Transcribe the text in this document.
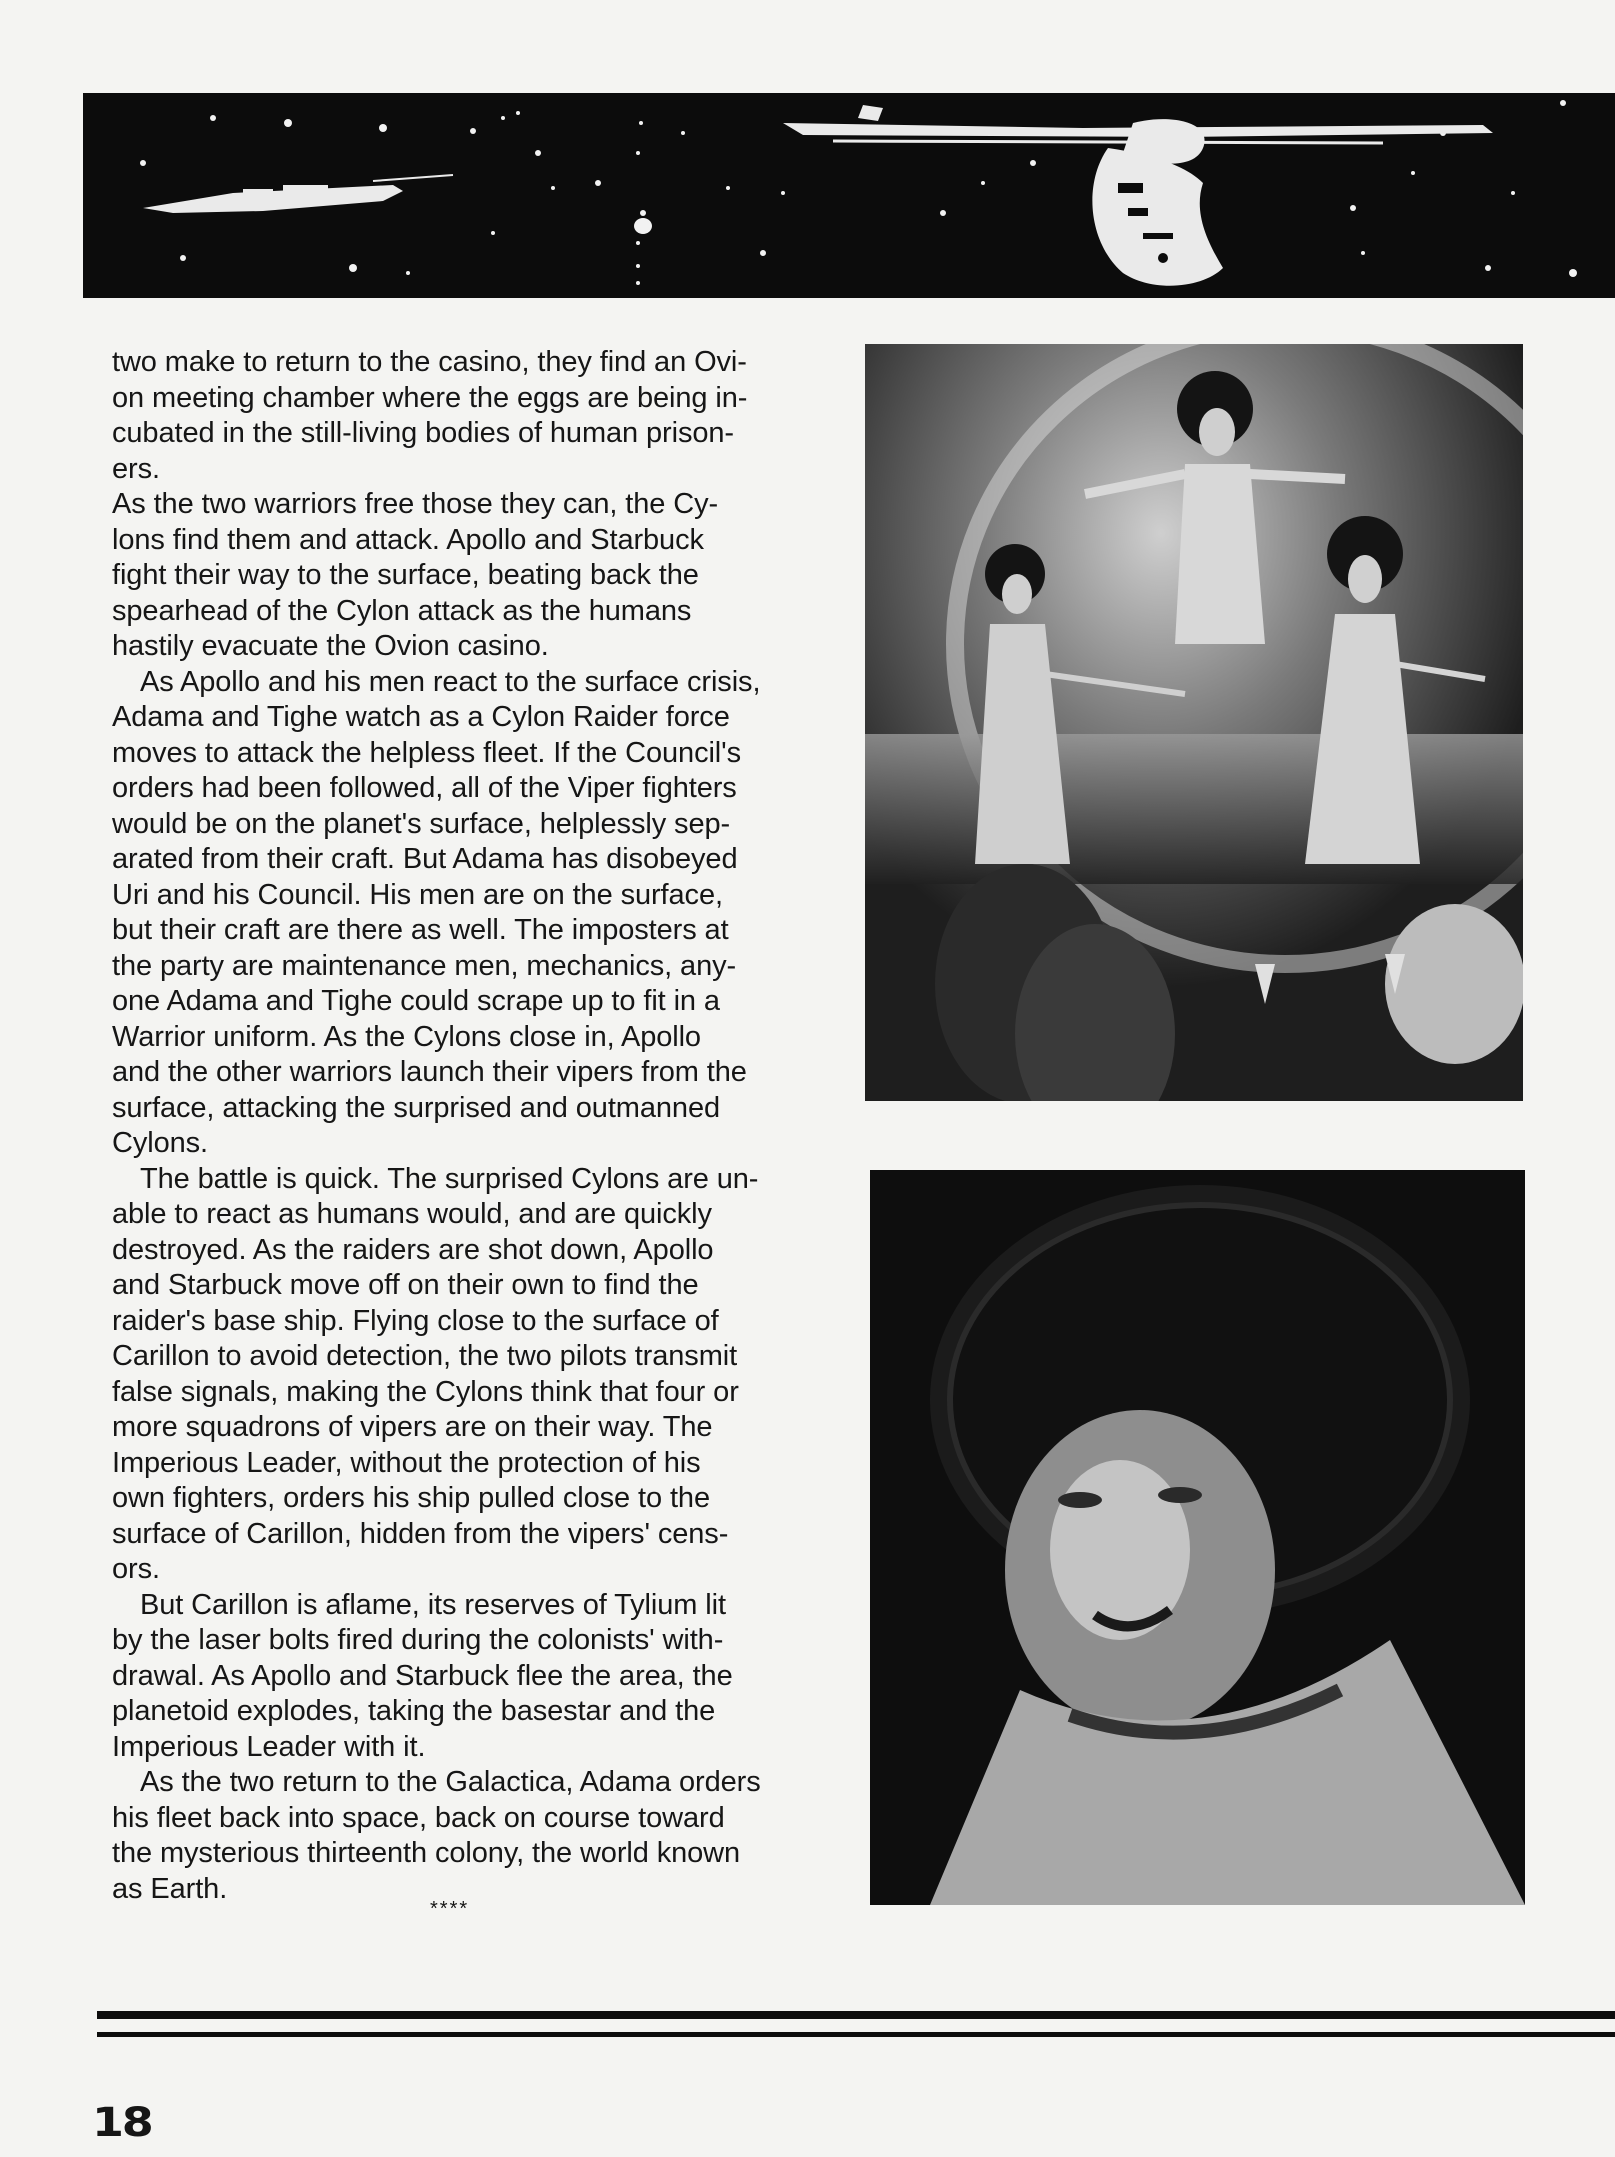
two make to return to the casino, they find an Ovi-
on meeting chamber where the eggs are being in-
cubated in the still-living bodies of human prison-
ers.

As the two warriors free those they can, the Cy-
lons find them and attack. Apollo and Starbuck
fight their way to the surface, beating back the
spearhead of the Cylon attack as the humans
hastily evacuate the Ovion casino.

As Apollo and his men react to the surface crisis,
Adama and Tighe watch as a Cylon Raider force
moves to attack the helpless fleet. If the Council's
orders had been followed, all of the Viper fighters
would be on the planet's surface, helplessly sep-
arated from their craft. But Adama has disobeyed
Uri and his Council. His men are on the surface,
but their craft are there as well. The imposters at
the party are maintenance men, mechanics, any-
one Adama and Tighe could scrape up to fit in a
Warrior uniform. As the Cylons close in, Apollo
and the other warriors launch their vipers from the
surface, attacking the surprised and outmanned
Cylons.

The battle is quick. The surprised Cylons are un-
able to react as humans would, and are quickly
destroyed. As the raiders are shot down, Apollo
and Starbuck move off on their own to find the
raider's base ship. Flying close to the surface of
Carillon to avoid detection, the two pilots transmit
false signals, making the Cylons think that four or
more squadrons of vipers are on their way. The
Imperious Leader, without the protection of his
own fighters, orders his ship pulled close to the
surface of Carillon, hidden from the vipers' cens-
ors.

But Carillon is aflame, its reserves of Tylium lit
by the laser bolts fired during the colonists' with-
drawal. As Apollo and Starbuck flee the area, the
planetoid explodes, taking the basestar and the
Imperious Leader with it.

As the two return to the Galactica, Adama orders
his fleet back into space, back on course toward
the mysterious thirteenth colony, the world known
as Earth.

****
18
